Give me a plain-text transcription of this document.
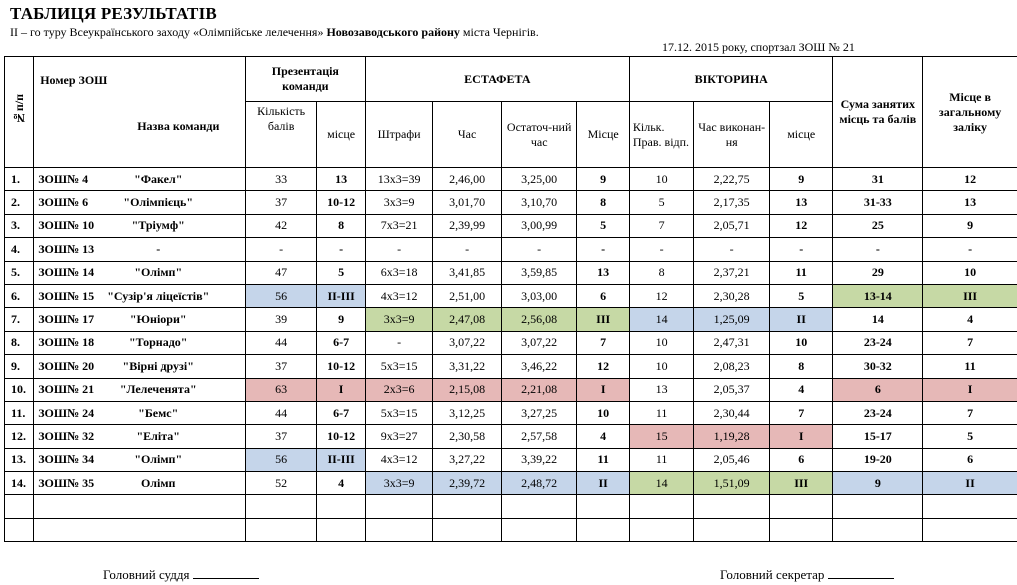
ТАБЛИЦЯ РЕЗУЛЬТАТІВ
ІІ – го туру Всеукраїнського заходу «Олімпійське лелечення» Новозаводського району міста Чернігів.
17.12. 2015 року, спортзал ЗОШ № 21
№п/п	Номер ЗОШ
Назва команди	Презентація команди		ЕСТАФЕТА				ВІКТОРИНА			Сума занятих місць та балів	Місце в загальному заліку
		Кількість балів	місце	Штрафи	Час	Остаточ-ний час	Місце	Кільк. Прав. відп.	Час виконан-ня	місце		
1.	ЗОШ№ 4 "Факел"	33	13	13х3=39	2,46,00	3,25,00	9	10	2,22,75	9	31	12
2.	ЗОШ№ 6 "Олімпієць"	37	10-12	3х3=9	3,01,70	3,10,70	8	5	2,17,35	13	31-33	13
3.	ЗОШ№ 10 "Тріумф"	42	8	7х3=21	2,39,99	3,00,99	5	7	2,05,71	12	25	9
4.	ЗОШ№ 13 -	-	-	-	-	-	-	-	-	-	-	-
5.	ЗОШ№ 14 "Олімп"	47	5	6х3=18	3,41,85	3,59,85	13	8	2,37,21	11	29	10
6.	ЗОШ№ 15 "Сузір'я ліцеїстів"	56	ІІ-ІІІ	4х3=12	2,51,00	3,03,00	6	12	2,30,28	5	13-14	ІІІ
7.	ЗОШ№ 17 "Юніори"	39	9	3х3=9	2,47,08	2,56,08	ІІІ	14	1,25,09	ІІ	14	4
8.	ЗОШ№ 18 "Торнадо"	44	6-7	-	3,07,22	3,07,22	7	10	2,47,31	10	23-24	7
9.	ЗОШ№ 20 "Вірні друзі"	37	10-12	5х3=15	3,31,22	3,46,22	12	10	2,08,23	8	30-32	11
10.	ЗОШ№ 21 "Лелеченята"	63	І	2х3=6	2,15,08	2,21,08	І	13	2,05,37	4	6	І
11.	ЗОШ№ 24 "Бемс"	44	6-7	5х3=15	3,12,25	3,27,25	10	11	2,30,44	7	23-24	7
12.	ЗОШ№ 32 "Еліта"	37	10-12	9х3=27	2,30,58	2,57,58	4	15	1,19,28	І	15-17	5
13.	ЗОШ№ 34 "Олімп"	56	ІІ-ІІІ	4х3=12	3,27,22	3,39,22	11	11	2,05,46	6	19-20	6
14.	ЗОШ№ 35 Олімп	52	4	3х3=9	2,39,72	2,48,72	ІІ	14	1,51,09	ІІІ	9	ІІ

Головний суддя	Головний секретар
